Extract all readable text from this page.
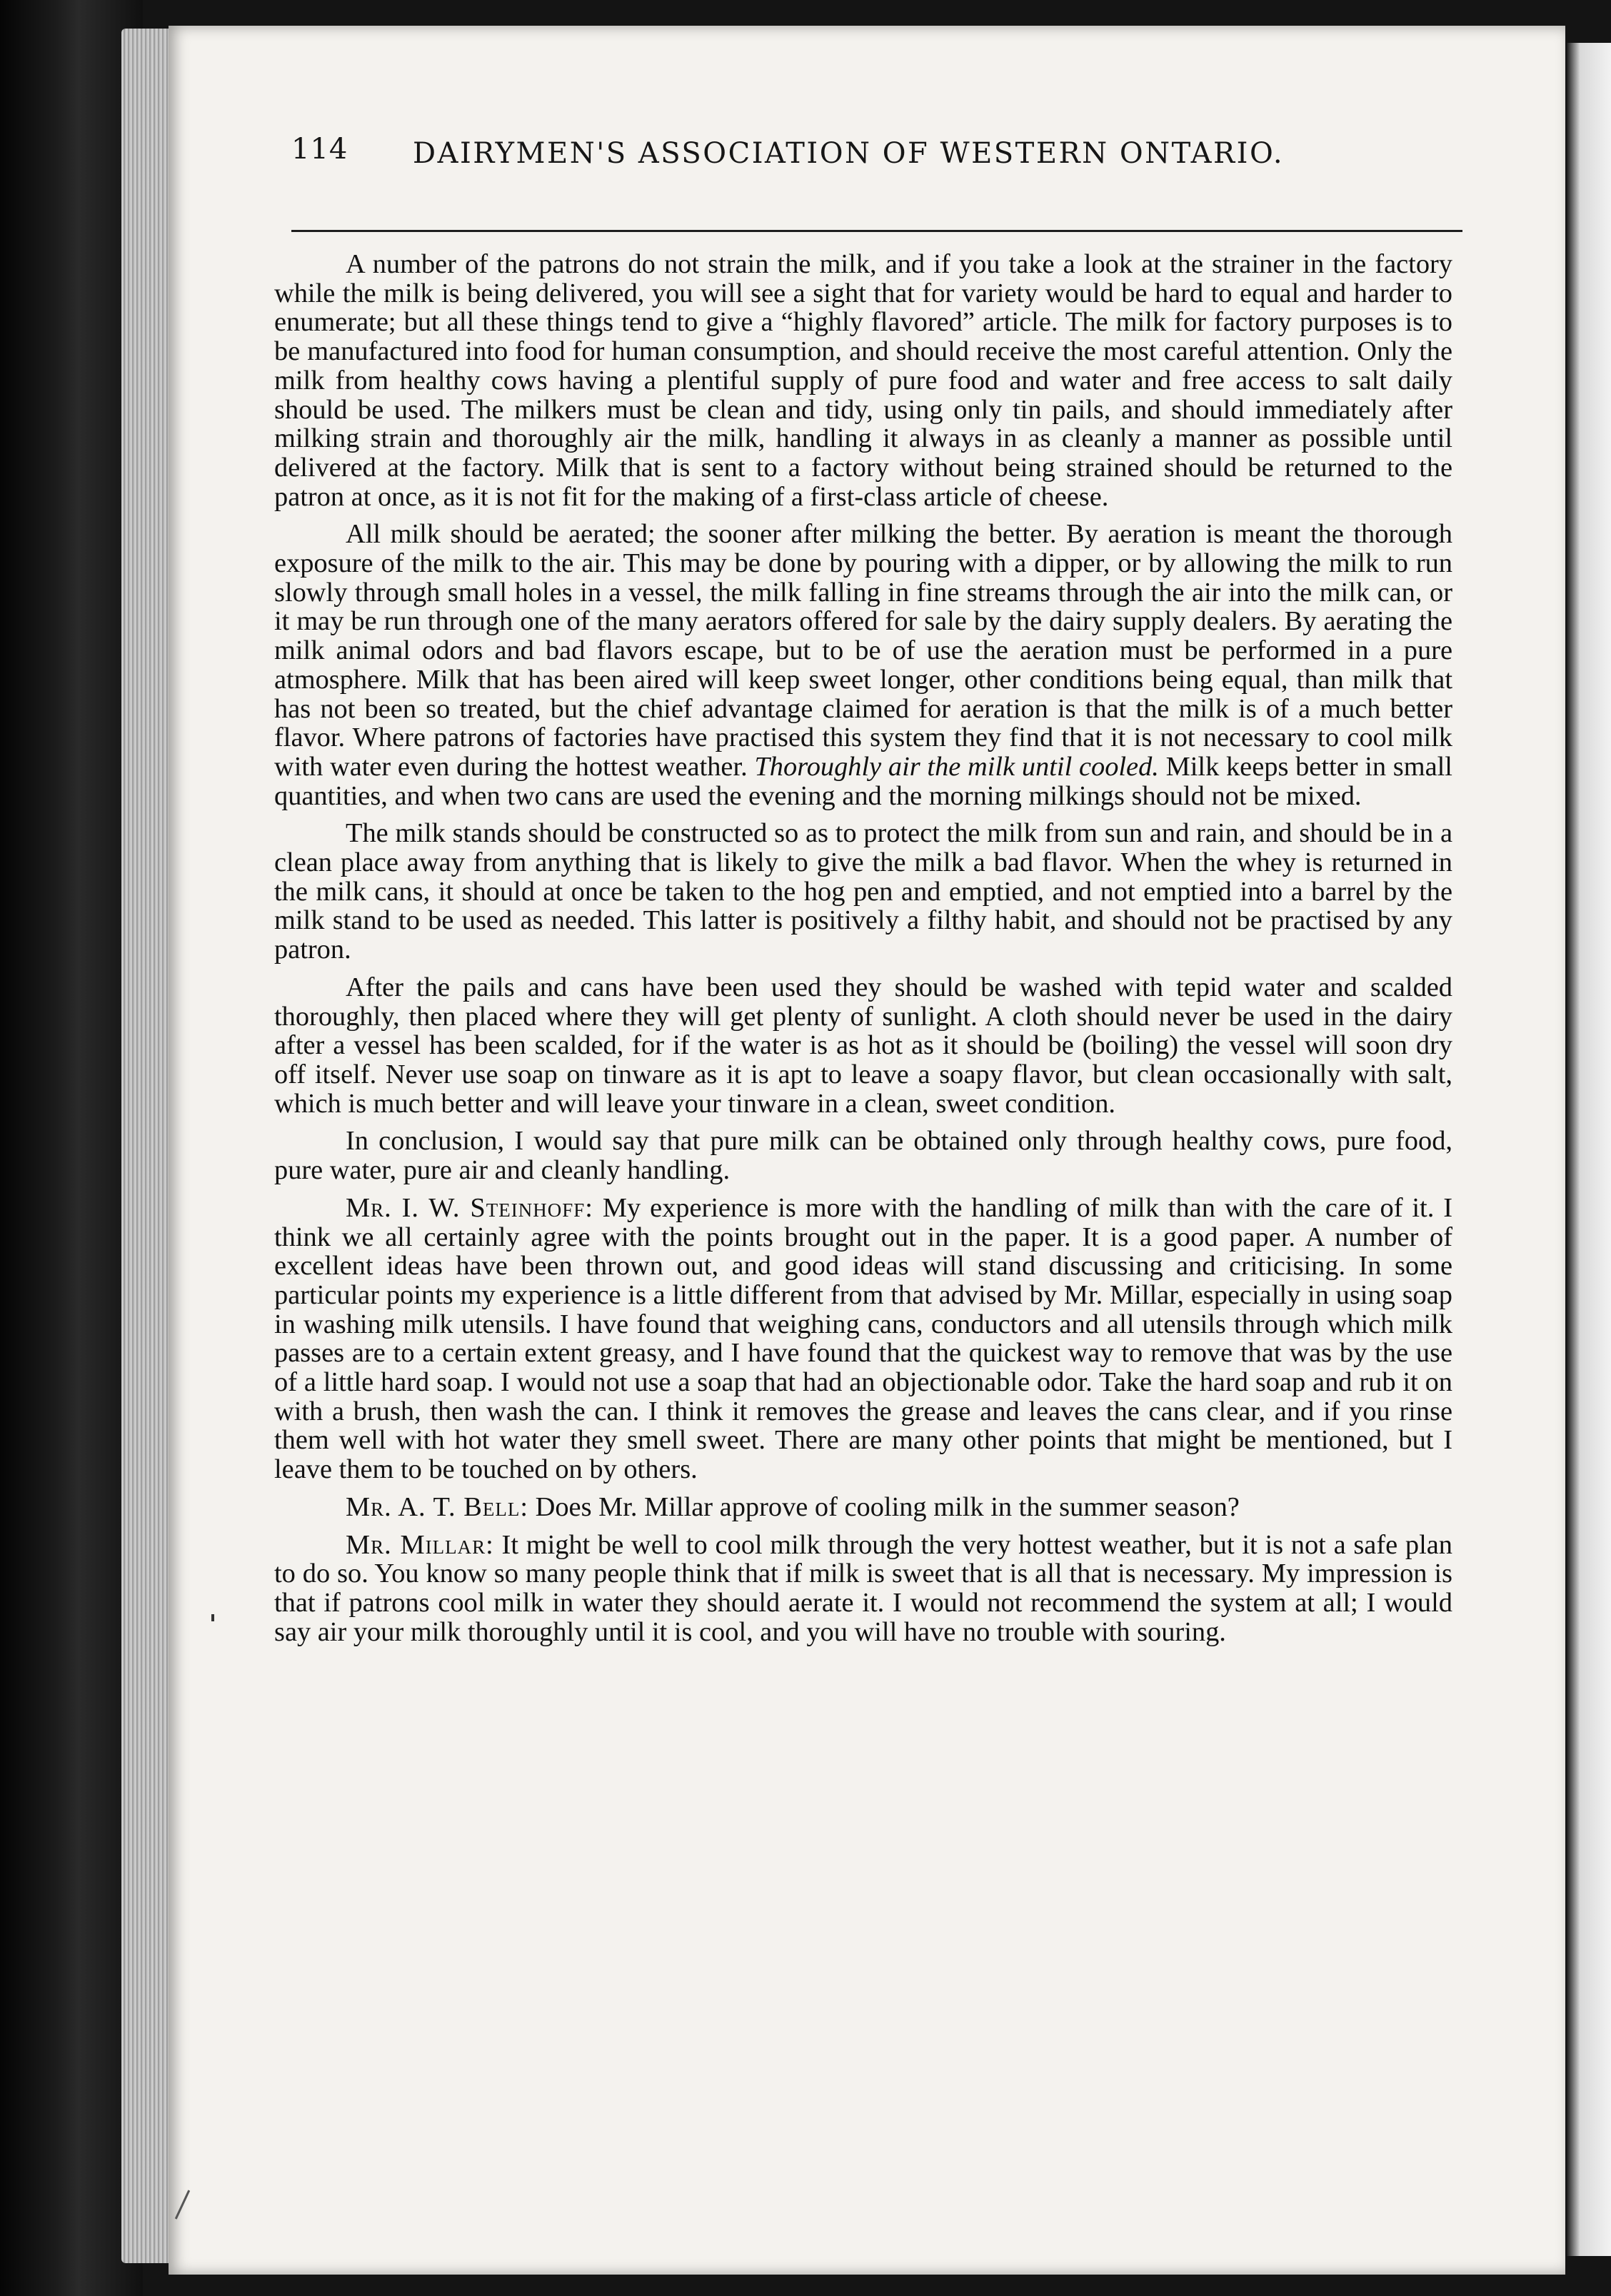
114 DAIRYMEN'S ASSOCIATION OF WESTERN ONTARIO.

A number of the patrons do not strain the milk, and if you take a look at the strainer in the factory while the milk is being delivered, you will see a sight that for variety would be hard to equal and harder to enumerate; but all these things tend to give a “highly flavored” article. The milk for factory purposes is to be manufactured into food for human consumption, and should receive the most careful attention. Only the milk from healthy cows having a plentiful supply of pure food and water and free access to salt daily should be used. The milkers must be clean and tidy, using only tin pails, and should immediately after milking strain and thoroughly air the milk, handling it always in as cleanly a manner as possible until delivered at the factory. Milk that is sent to a factory without being strained should be returned to the patron at once, as it is not fit for the making of a first-class article of cheese.

All milk should be aerated; the sooner after milking the better. By aeration is meant the thorough exposure of the milk to the air. This may be done by pouring with a dipper, or by allowing the milk to run slowly through small holes in a vessel, the milk falling in fine streams through the air into the milk can, or it may be run through one of the many aerators offered for sale by the dairy supply dealers. By aerating the milk animal odors and bad flavors escape, but to be of use the aeration must be performed in a pure atmosphere. Milk that has been aired will keep sweet longer, other conditions being equal, than milk that has not been so treated, but the chief advantage claimed for aeration is that the milk is of a much better flavor. Where patrons of factories have practised this system they find that it is not necessary to cool milk with water even during the hottest weather. Thoroughly air the milk until cooled. Milk keeps better in small quantities, and when two cans are used the evening and the morning milkings should not be mixed.

The milk stands should be constructed so as to protect the milk from sun and rain, and should be in a clean place away from anything that is likely to give the milk a bad flavor. When the whey is returned in the milk cans, it should at once be taken to the hog pen and emptied, and not emptied into a barrel by the milk stand to be used as needed. This latter is positively a filthy habit, and should not be practised by any patron.

After the pails and cans have been used they should be washed with tepid water and scalded thoroughly, then placed where they will get plenty of sunlight. A cloth should never be used in the dairy after a vessel has been scalded, for if the water is as hot as it should be (boiling) the vessel will soon dry off itself. Never use soap on tinware as it is apt to leave a soapy flavor, but clean occasionally with salt, which is much better and will leave your tinware in a clean, sweet condition.

In conclusion, I would say that pure milk can be obtained only through healthy cows, pure food, pure water, pure air and cleanly handling.

Mr. I. W. Steinhoff: My experience is more with the handling of milk than with the care of it. I think we all certainly agree with the points brought out in the paper. It is a good paper. A number of excellent ideas have been thrown out, and good ideas will stand discussing and criticising. In some particular points my experience is a little different from that advised by Mr. Millar, especially in using soap in washing milk utensils. I have found that weighing cans, conductors and all utensils through which milk passes are to a certain extent greasy, and I have found that the quickest way to remove that was by the use of a little hard soap. I would not use a soap that had an objectionable odor. Take the hard soap and rub it on with a brush, then wash the can. I think it removes the grease and leaves the cans clear, and if you rinse them well with hot water they smell sweet. There are many other points that might be mentioned, but I leave them to be touched on by others.

Mr. A. T. Bell: Does Mr. Millar approve of cooling milk in the summer season?

Mr. Millar: It might be well to cool milk through the very hottest weather, but it is not a safe plan to do so. You know so many people think that if milk is sweet that is all that is necessary. My impression is that if patrons cool milk in water they should aerate it. I would not recommend the system at all; I would say air your milk thoroughly until it is cool, and you will have no trouble with souring.
